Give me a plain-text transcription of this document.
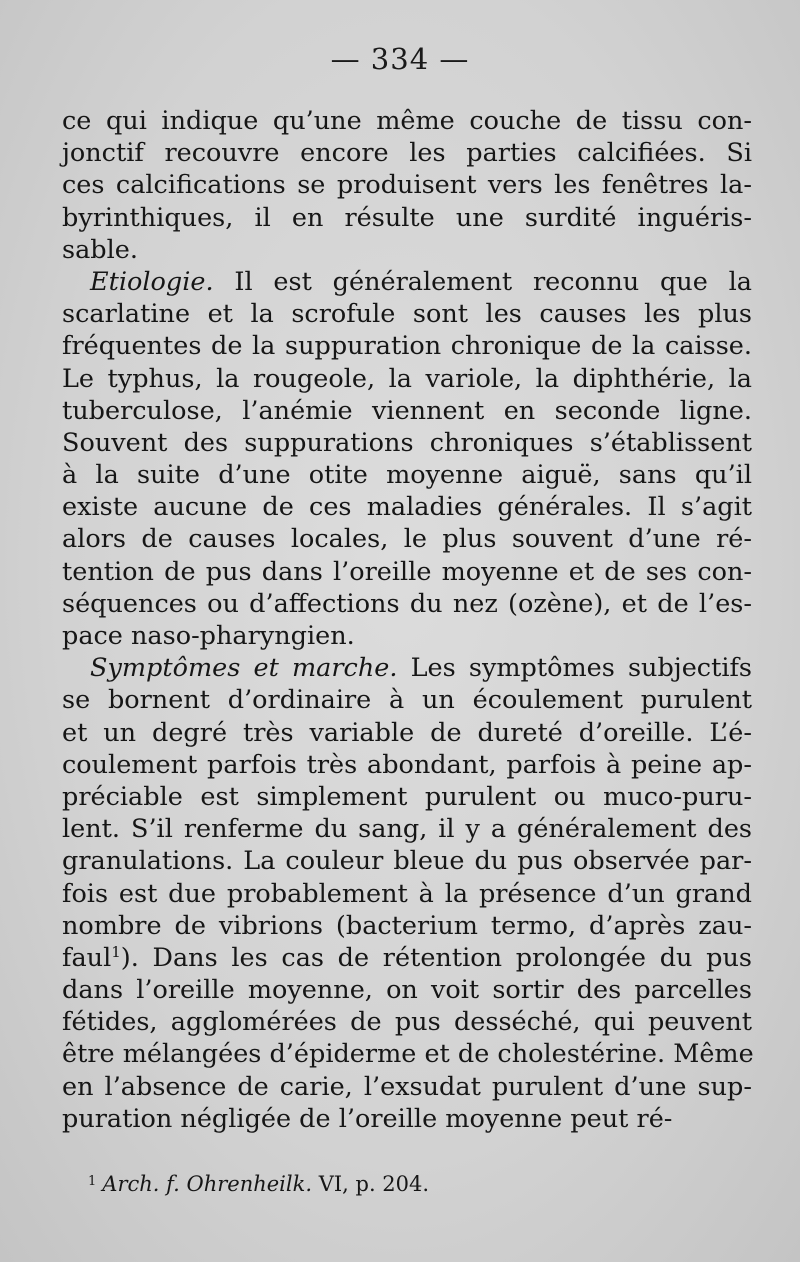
— 334 —
ce qui indique qu’une même couche de tissu con-
jonctif recouvre encore les parties calcifiées. Si
ces calcifications se produisent vers les fenêtres la-
byrinthiques, il en résulte une surdité inguéris-
sable.
Etiologie. Il est généralement reconnu que la
scarlatine et la scrofule sont les causes les plus
fréquentes de la suppuration chronique de la caisse.
Le typhus, la rougeole, la variole, la diphthérie, la
tuberculose, l’anémie viennent en seconde ligne.
Souvent des suppurations chroniques s’établissent
à la suite d’une otite moyenne aiguë, sans qu’il
existe aucune de ces maladies générales. Il s’agit
alors de causes locales, le plus souvent d’une ré-
tention de pus dans l’oreille moyenne et de ses con-
séquences ou d’affections du nez (ozène), et de l’es-
pace naso-pharyngien.
Symptômes et marche. Les symptômes subjectifs
se bornent d’ordinaire à un écoulement purulent
et un degré très variable de dureté d’oreille. L’é-
coulement parfois très abondant, parfois à peine ap-
préciable est simplement purulent ou muco-puru-
lent. S’il renferme du sang, il y a généralement des
granulations. La couleur bleue du pus observée par-
fois est due probablement à la présence d’un grand
nombre de vibrions (bacterium termo, d’après zau-
faul$^1$). Dans les cas de rétention prolongée du pus
dans l’oreille moyenne, on voit sortir des parcelles
fétides, agglomérées de pus desséché, qui peuvent
être mélangées d’épiderme et de cholestérine. Même
en l’absence de carie, l’exsudat purulent d’une sup-
puration négligée de l’oreille moyenne peut ré-
$^1$ Arch. f. Ohrenheilk. VI, p. 204.
